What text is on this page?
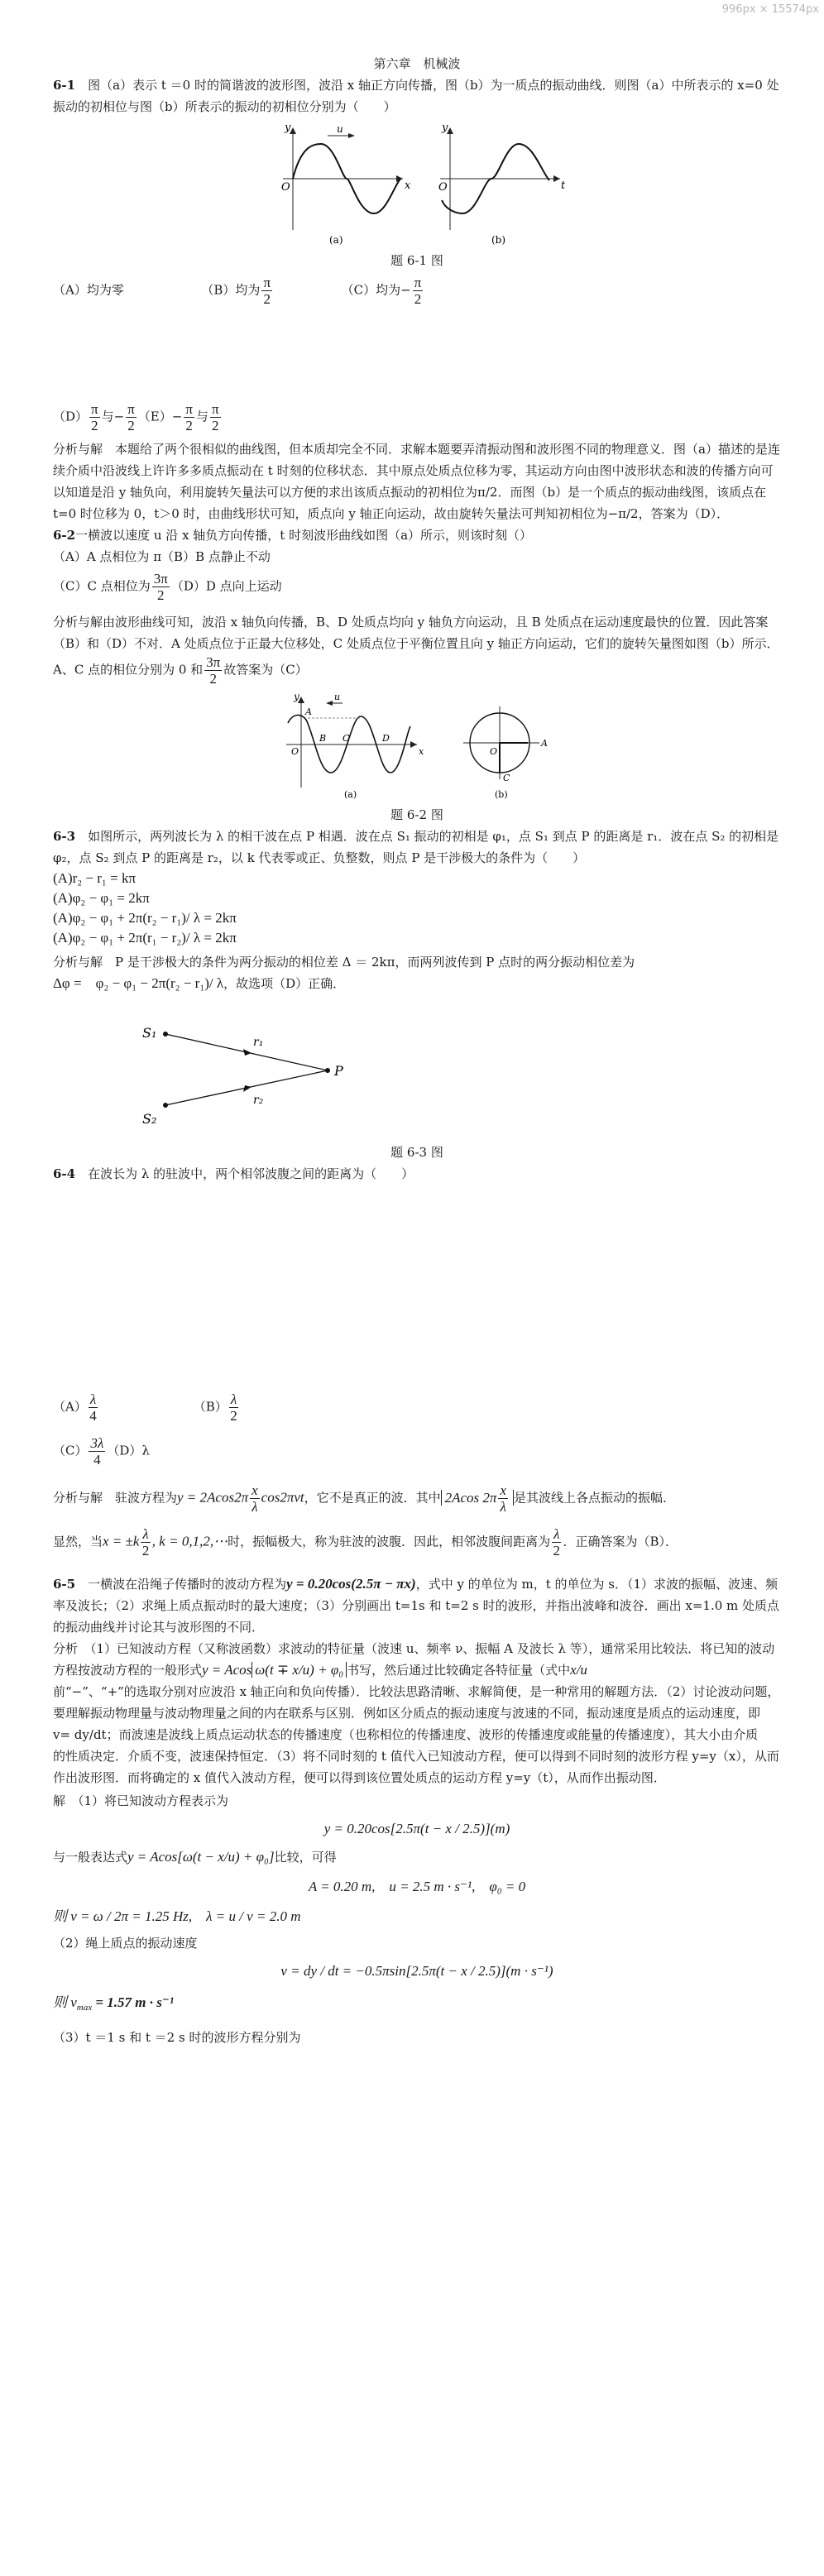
996px × 15574px

第六章　机械波

6-1　 图（a）表示 t ＝0 时的简谐波的波形图，波沿 x 轴正方向传播，图（b）为一质点的振动曲线．则图（a）中所表示的 x=0 处振动的初相位与图（b）所表示的振动的初相位分别为（　　）

y
O	x
u
(a)
y
O	t
(b)

题 6-1 图

（A）均为零	（B）均为 $\frac{\pi}{2}$	（C）均为− $\frac{\pi}{2}$

$(D) \frac{\pi}{2}$ 与− $\frac{\pi}{2} (E)- \frac{\pi}{2}$ 与 $\frac{\pi}{2}$

分析与解　本题给了两个很相似的曲线图，但本质却完全不同．求解本题要弄清振动图和波形图不同的物理意义．图（a）描述的是连续介质中沿波线上许许多多质点振动在 t 时刻的位移状态．其中原点处质点位移为零，其运动方向由图中波形状态和波的传播方向可以知道是沿 y 轴负向，利用旋转矢量法可以方便的求出该质点振动的初相位为π/2．而图（b）是一个质点的振动曲线图，该质点在 t=0 时位移为 0，t＞0 时，由曲线形状可知，质点向 y 轴正向运动，故由旋转矢量法可判知初相位为−π/2，答案为（D）．

6-2一横波以速度 u 沿 x 轴负方向传播，t 时刻波形曲线如图（a）所示，则该时刻（）

（A）A 点相位为 π（B）B 点静止不动

（C）C 点相位为 $\frac{3\pi}{2} (D)D$ 点向上运动

分析与解由波形曲线可知，波沿 x 轴负向传播，B、D 处质点均向 y 轴负方向运动，且 B 处质点在运动速度最快的位置．因此答案（B）和（D）不对．A 处质点位于正最大位移处，C 处质点位于平衡位置且向 y 轴正方向运动，它们的旋转矢量图如图（b）所示．A、C 点的相位分别为 0 和 $\frac{3\pi}{2}$ 故答案为（C）

y
A
B C	D
O	x
u
(a)
A
C
O
(b)

题 6-2 图

6-3　 如图所示，两列波长为 λ 的相干波在点 P 相遇．波在点 S₁ 振动的初相是 φ₁，点 S₁ 到点 P 的距离是 r₁．波在点 S₂ 的初相是 φ₂，点 S₂ 到点 P 的距离是 r₂，以 k 代表零或正、负整数，则点 P 是干涉极大的条件为（　　）

(A)r₂ − r₁ = kπ
(A)φ₂ − φ₁ = 2kπ
(A)φ₂ − φ₁ + 2π(r₂ − r₁)/ λ = 2kπ
(A)φ₂ − φ₁ + 2π(r₁ − r₂)/ λ = 2kπ

分析与解　P 是干涉极大的条件为两分振动的相位差 Δ ＝ 2kπ，而两列波传到 P 点时的两分振动相位差为
Δφ =　φ₂ − φ₁ − 2π(r₂ − r₁)/ λ，故选项（D）正确．

S₁
S₂
r₁
r₂
P

题 6-3 图

6-4　 在波长为 λ 的驻波中，两个相邻波腹之间的距离为（　　）

$(A) \frac{\lambda}{4}$	$(B) \frac{\lambda}{2}$

$(C) \frac{3\lambda}{4} (D)\lambda$

分析与解　驻波方程为$y = 2Acos2\pi \frac{x}{\lambda} \cos 2\pi\nu t$，它不是真正的波．其中 2Acos $2\pi \frac{x}{\lambda}$ 是其波线上各点振动的振幅．

显然，当$x = \pm k \frac{\lambda}{2}$ , k = 0,1,2,⋯时，振幅极大，称为驻波的波腹．因此，相邻波腹间距离为 $\frac{\lambda}{2}$ ．正确答案为（B）．

6-5　 一横波在沿绳子传播时的波动方程为y = 0.20cos(2.5π − πx)，式中 y 的单位为 m，t 的单位为 s．（1）求波的振幅、波速、频率及波长；（2）求绳上质点振动时的最大速度；（3）分别画出 t=1s 和 t=2 s 时的波形，并指出波峰和波谷．画出 x=1.0 m 处质点的振动曲线并讨论其与波形图的不同．

分析　（1）已知波动方程（又称波函数）求波动的特征量（波速 u、频率 ν、振幅 A 及波长 λ 等），通常采用比较法．将已知的波动方程按波动方程的一般形式y = Acos ω(t ∓ x/u) + φ₀ 书写，然后通过比较确定各特征量（式中x/u

前“−”、“+”的选取分别对应波沿 x 轴正向和负向传播）．比较法思路清晰、求解简便，是一种常用的解题方法．（2）讨论波动问题，要理解振动物理量与波动物理量之间的内在联系与区别．例如区分质点的振动速度与波速的不同，振动速度是质点的运动速度，即 v= dy/dt；而波速是波线上质点运动状态的传播速度（也称相位的传播速度、波形的传播速度或能量的传播速度），其大小由介质

的性质决定．介质不变，波速保持恒定．（3）将不同时刻的 t 值代入已知波动方程，便可以得到不同时刻的波形方程 y=y（x），从而作出波形图．而将确定的 x 值代入波动方程，便可以得到该位置处质点的运动方程 y=y（t），从而作出振动图．

解　（1）将已知波动方程表示为

y = 0.20cos[2.5π(t − x / 2.5)](m)

与一般表达式y = Acos[ω(t − x/u) + φ₀]比较，可得

A = 0.20 m,　u = 2.5 m · s⁻¹,　φ₀ = 0

则 ν = ω / 2π = 1.25 Hz,　λ = u / ν = 2.0 m

（2）绳上质点的振动速度

v = dy / dt = −0.5πsin[2.5π(t − x / 2.5)](m · s⁻¹)

则 $v_{max} = 1.57$ m · s⁻¹

（3）t ＝1 s 和 t ＝2 s 时的波形方程分别为
